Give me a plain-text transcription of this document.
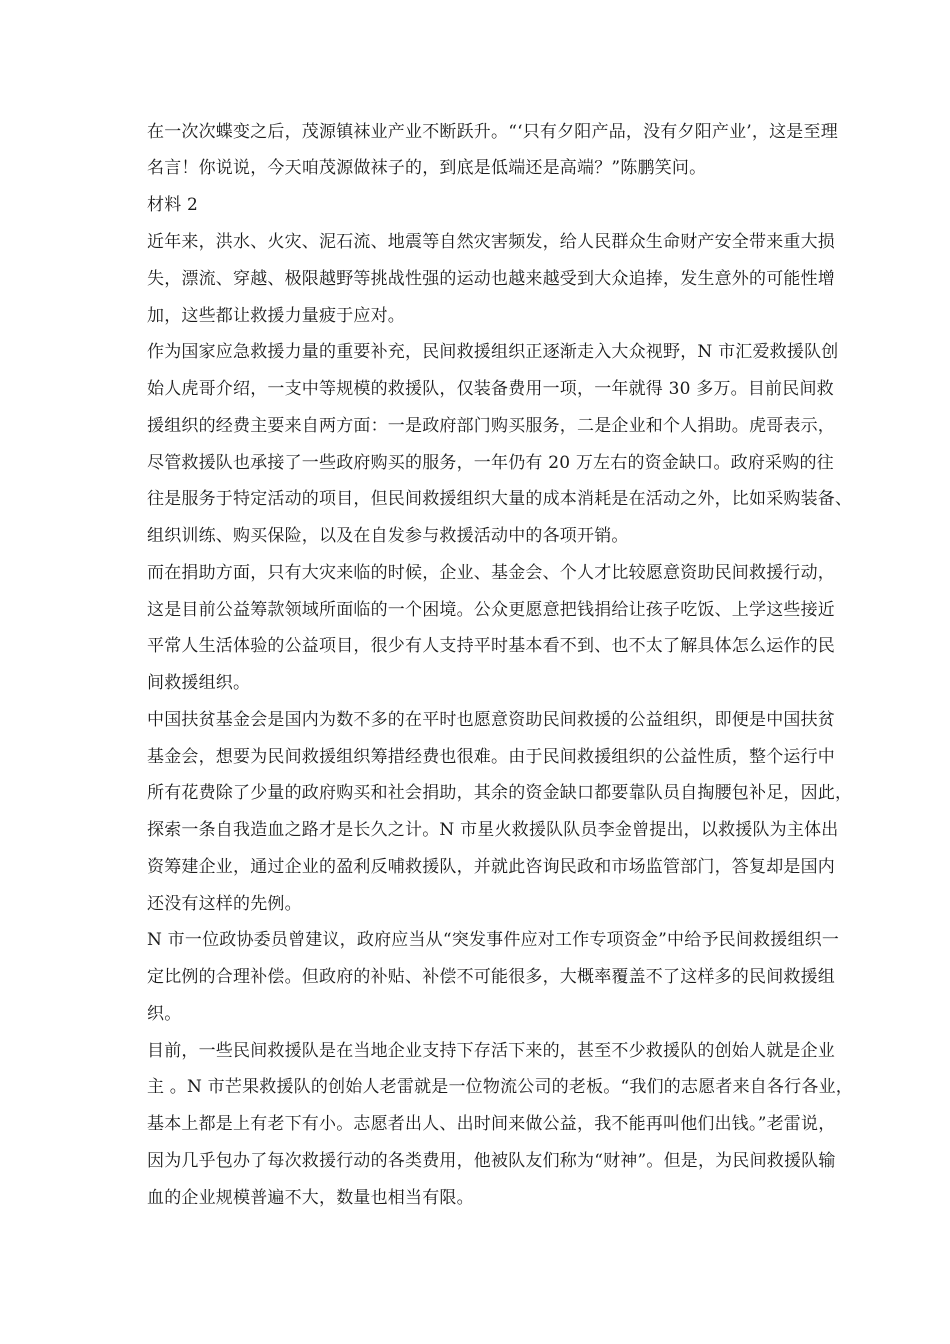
在一次次蝶变之后，茂源镇袜业产业不断跃升。“‘只有夕阳产品，没有夕阳产业’，这是至理
名言！你说说，今天咱茂源做袜子的，到底是低端还是高端？”陈鹏笑问。
材料 2
近年来，洪水、火灾、泥石流、地震等自然灾害频发，给人民群众生命财产安全带来重大损
失，漂流、穿越、极限越野等挑战性强的运动也越来越受到大众追捧，发生意外的可能性增
加，这些都让救援力量疲于应对。
作为国家应急救援力量的重要补充，民间救援组织正逐渐走入大众视野，N 市汇爱救援队创
始人虎哥介绍，一支中等规模的救援队，仅装备费用一项，一年就得 30 多万。目前民间救
援组织的经费主要来自两方面：一是政府部门购买服务，二是企业和个人捐助。虎哥表示，
尽管救援队也承接了一些政府购买的服务，一年仍有 20 万左右的资金缺口。政府采购的往
往是服务于特定活动的项目，但民间救援组织大量的成本消耗是在活动之外，比如采购装备、
组织训练、购买保险，以及在自发参与救援活动中的各项开销。
而在捐助方面，只有大灾来临的时候，企业、基金会、个人才比较愿意资助民间救援行动，
这是目前公益筹款领域所面临的一个困境。公众更愿意把钱捐给让孩子吃饭、上学这些接近
平常人生活体验的公益项目，很少有人支持平时基本看不到、也不太了解具体怎么运作的民
间救援组织。
中国扶贫基金会是国内为数不多的在平时也愿意资助民间救援的公益组织，即便是中国扶贫
基金会，想要为民间救援组织筹措经费也很难。由于民间救援组织的公益性质，整个运行中
所有花费除了少量的政府购买和社会捐助，其余的资金缺口都要靠队员自掏腰包补足，因此，
探索一条自我造血之路才是长久之计。N 市星火救援队队员李金曾提出，以救援队为主体出
资筹建企业，通过企业的盈利反哺救援队，并就此咨询民政和市场监管部门，答复却是国内
还没有这样的先例。
N 市一位政协委员曾建议，政府应当从“突发事件应对工作专项资金”中给予民间救援组织一
定比例的合理补偿。但政府的补贴、补偿不可能很多，大概率覆盖不了这样多的民间救援组
织。
目前，一些民间救援队是在当地企业支持下存活下来的，甚至不少救援队的创始人就是企业
主 。N 市芒果救援队的创始人老雷就是一位物流公司的老板。“我们的志愿者来自各行各业，
基本上都是上有老下有小。志愿者出人、出时间来做公益，我不能再叫他们出钱。”老雷说，
因为几乎包办了每次救援行动的各类费用，他被队友们称为“财神”。但是，为民间救援队输
血的企业规模普遍不大，数量也相当有限。
